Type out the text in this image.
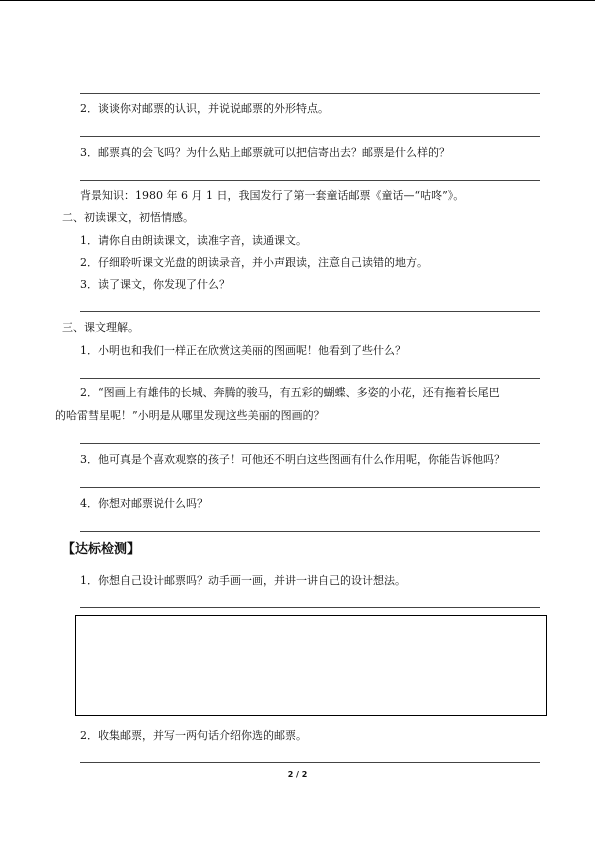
2．谈谈你对邮票的认识，并说说邮票的外形特点。
3．邮票真的会飞吗？为什么贴上邮票就可以把信寄出去？邮票是什么样的？
背景知识：1980 年 6 月 1 日，我国发行了第一套童话邮票《童话—“咕咚”》。
二、初读课文，初悟情感。
1．请你自由朗读课文，读准字音，读通课文。
2．仔细聆听课文光盘的朗读录音，并小声跟读，注意自己读错的地方。
3．读了课文，你发现了什么？
三、课文理解。
1．小明也和我们一样正在欣赏这美丽的图画呢！他看到了些什么？
2．“图画上有雄伟的长城、奔腾的骏马，有五彩的蝴蝶、多姿的小花，还有拖着长尾巴
的哈雷彗星呢！”小明是从哪里发现这些美丽的图画的？
3．他可真是个喜欢观察的孩子！可他还不明白这些图画有什么作用呢，你能告诉他吗？
4．你想对邮票说什么吗？
【达标检测】
1．你想自己设计邮票吗？动手画一画，并讲一讲自己的设计想法。
2．收集邮票，并写一两句话介绍你选的邮票。
2 / 2
